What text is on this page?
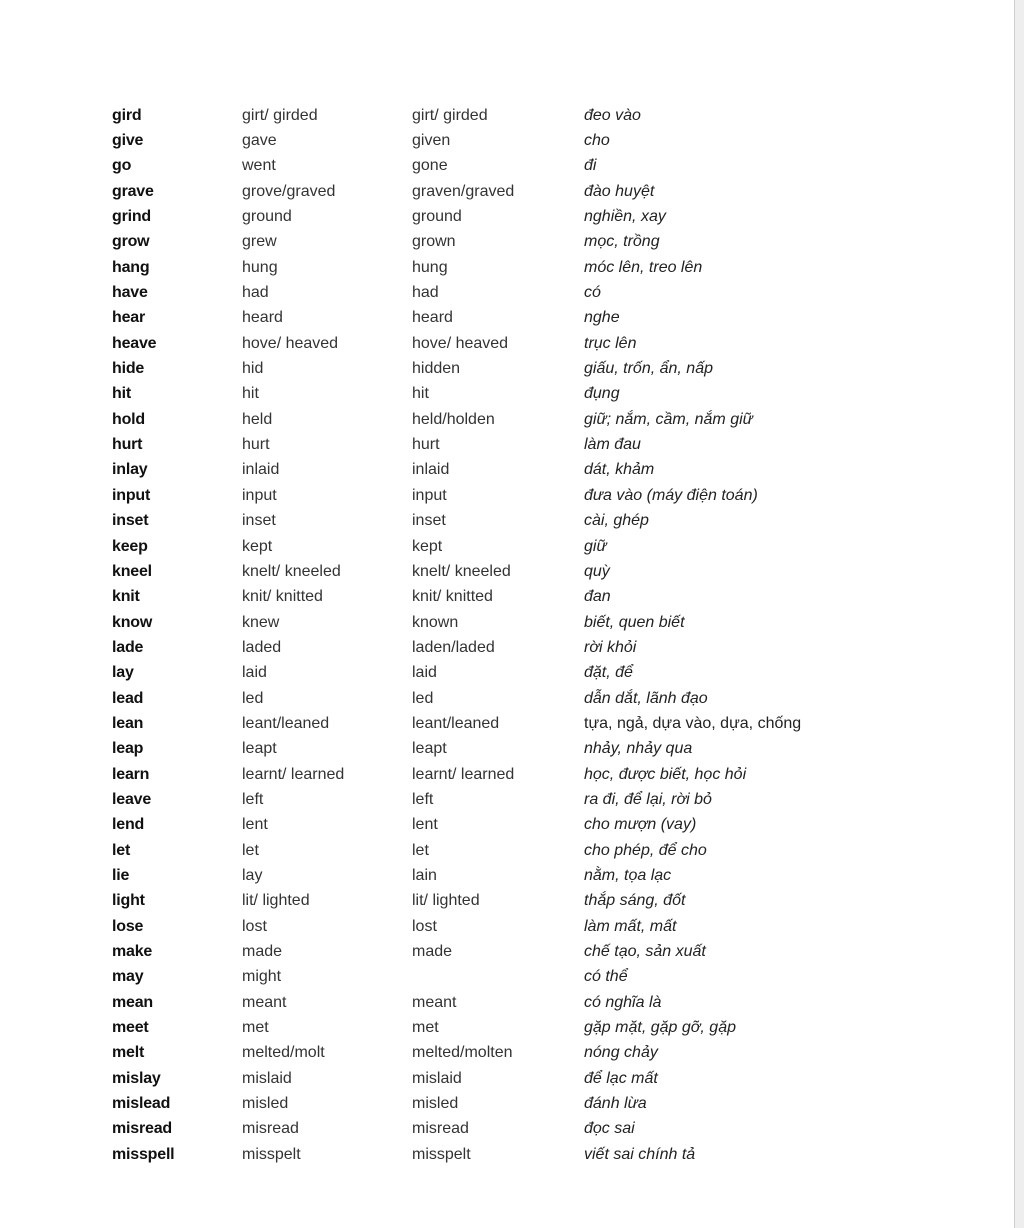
gird	girt/ girded	girt/ girded	đeo vào
give	gave	given	cho
go	went	gone	đi
grave	grove/graved	graven/graved	đào huyệt
grind	ground	ground	nghiền, xay
grow	grew	grown	mọc, trồng
hang	hung	hung	móc lên, treo lên
have	had	had	có
hear	heard	heard	nghe
heave	hove/ heaved	hove/ heaved	trục lên
hide	hid	hidden	giấu, trốn, ẩn, nấp
hit	hit	hit	đụng
hold	held	held/holden	giữ; nắm, cầm, nắm giữ
hurt	hurt	hurt	làm đau
inlay	inlaid	inlaid	dát, khảm
input	input	input	đưa vào (máy điện toán)
inset	inset	inset	cài, ghép
keep	kept	kept	giữ
kneel	knelt/ kneeled	knelt/ kneeled	quỳ
knit	knit/ knitted	knit/ knitted	đan
know	knew	known	biết, quen biết
lade	laded	laden/laded	rời khỏi
lay	laid	laid	đặt, để
lead	led	led	dẫn dắt, lãnh đạo
lean	leant/leaned	leant/leaned	tựa, ngả, dựa vào, dựa, chống
leap	leapt	leapt	nhảy, nhảy qua
learn	learnt/ learned	learnt/ learned	học, được biết, học hỏi
leave	left	left	ra đi, để lại, rời bỏ
lend	lent	lent	cho mượn (vay)
let	let	let	cho phép, để cho
lie	lay	lain	nằm, tọa lạc
light	lit/ lighted	lit/ lighted	thắp sáng, đốt
lose	lost	lost	làm mất, mất
make	made	made	chế tạo, sản xuất
may	might		có thể
mean	meant	meant	có nghĩa là
meet	met	met	gặp mặt, gặp gỡ, gặp
melt	melted/molt	melted/molten	nóng chảy
mislay	mislaid	mislaid	để lạc mất
mislead	misled	misled	đánh lừa
misread	misread	misread	đọc sai
misspell	misspelt	misspelt	viết sai chính tả
